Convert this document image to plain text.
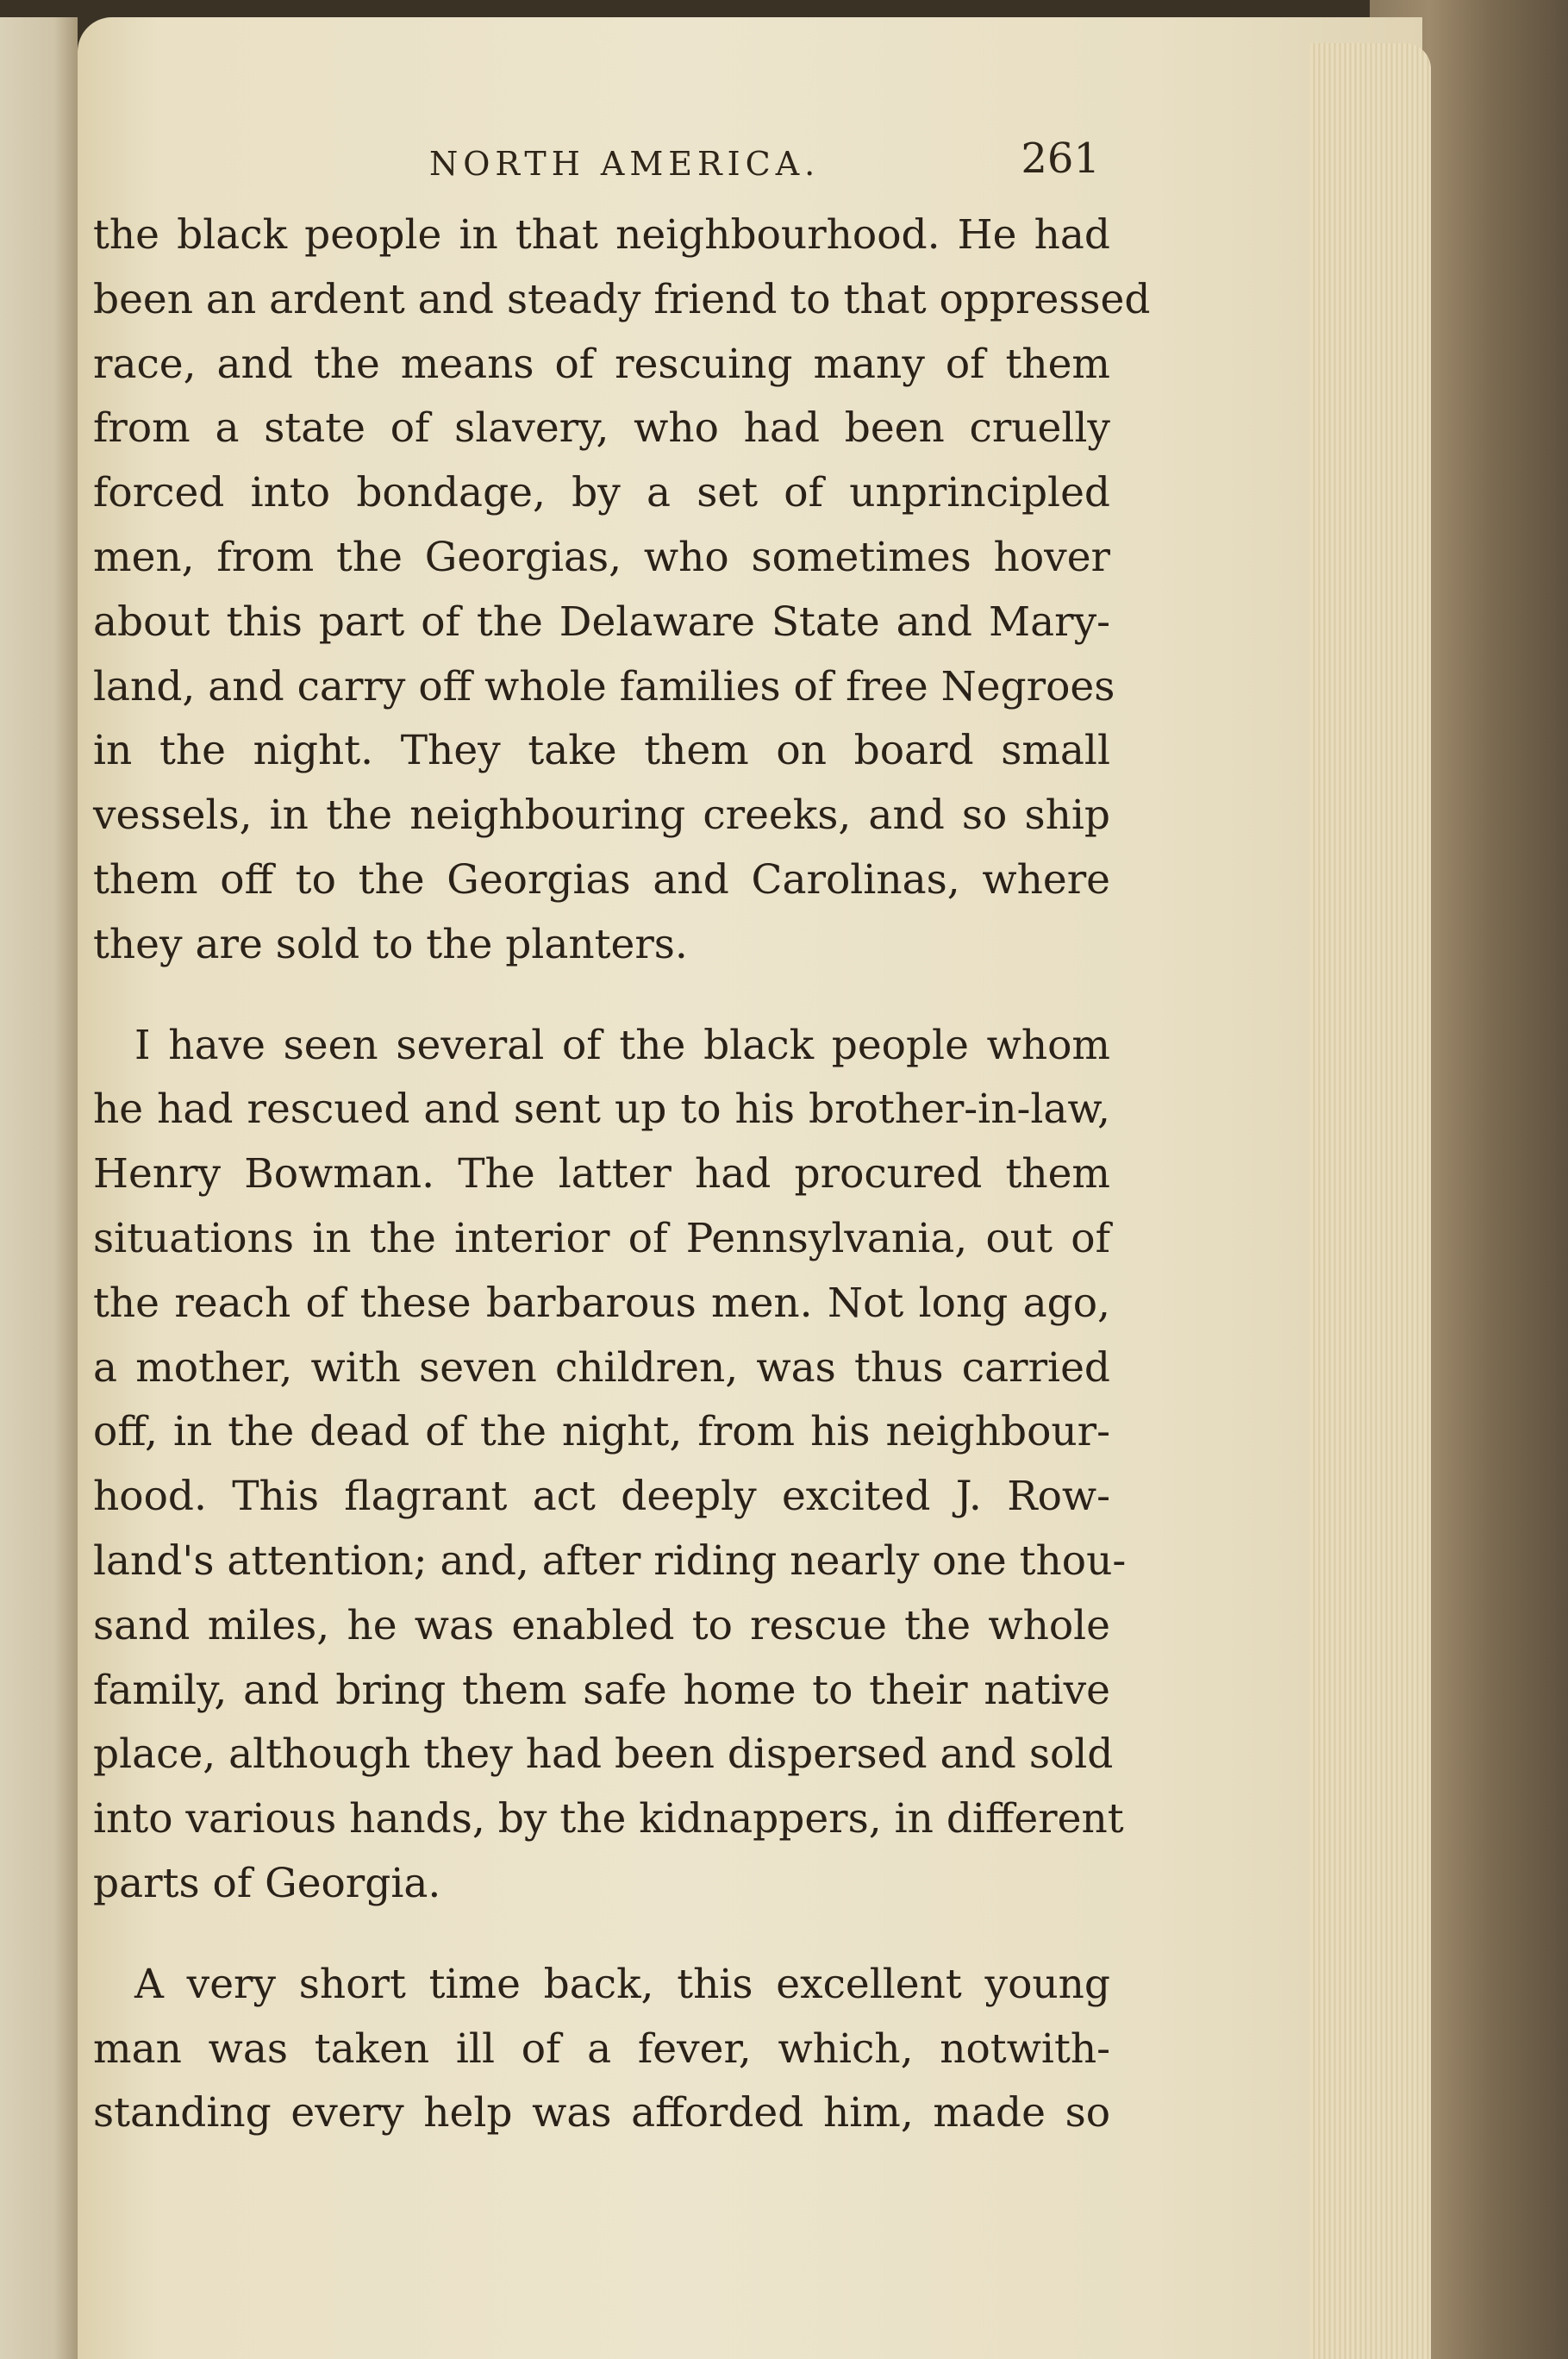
NORTH AMERICA.	261

the black people in that neighbourhood. He had
been an ardent and steady friend to that oppressed
race, and the means of rescuing many of them
from a state of slavery, who had been cruelly
forced into bondage, by a set of unprincipled
men, from the Georgias, who sometimes hover
about this part of the Delaware State and Mary-
land, and carry off whole families of free Negroes
in the night. They take them on board small
vessels, in the neighbouring creeks, and so ship
them off to the Georgias and Carolinas, where
they are sold to the planters.

I have seen several of the black people whom
he had rescued and sent up to his brother-in-law,
Henry Bowman. The latter had procured them
situations in the interior of Pennsylvania, out of
the reach of these barbarous men. Not long ago,
a mother, with seven children, was thus carried
off, in the dead of the night, from his neighbour-
hood. This flagrant act deeply excited J. Row-
land's attention; and, after riding nearly one thou-
sand miles, he was enabled to rescue the whole
family, and bring them safe home to their native
place, although they had been dispersed and sold
into various hands, by the kidnappers, in different
parts of Georgia.

A very short time back, this excellent young
man was taken ill of a fever, which, notwith-
standing every help was afforded him, made so
